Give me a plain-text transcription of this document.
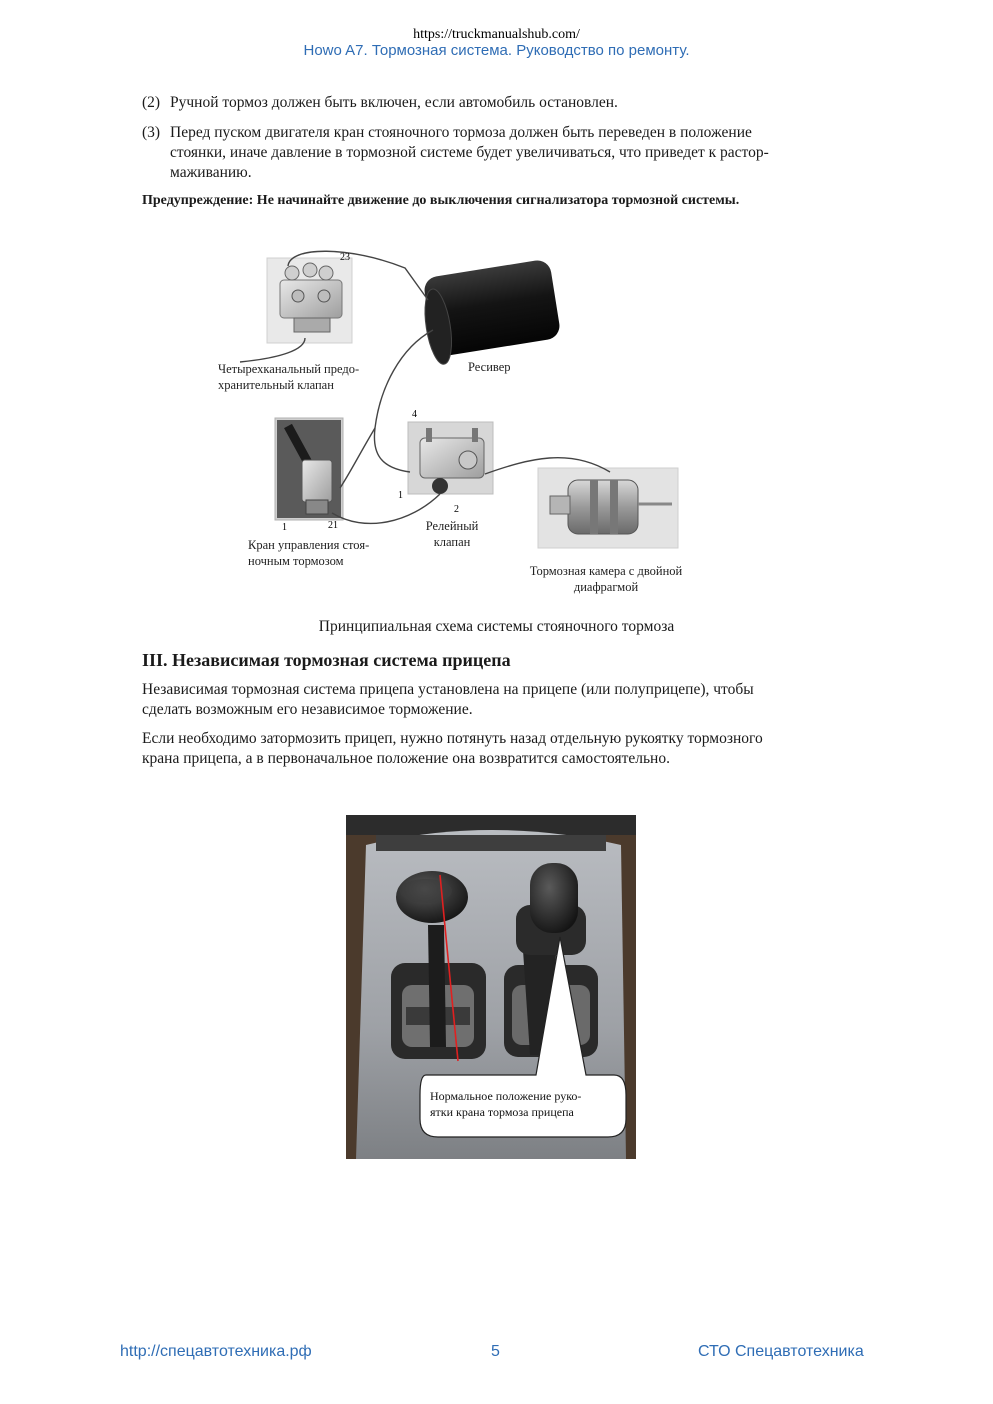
https://truckmanualshub.com/
Howo A7. Тормозная система. Руководство по ремонту.
(2) Ручной тормоз должен быть включен, если автомобиль остановлен.
(3) Перед пуском двигателя кран стояночного тормоза должен быть переведен в положение
стоянки, иначе давление в тормозной системе будет увеличиваться, что приведет к растор-
маживанию.
Предупреждение: Не начинайте движение до выключения сигнализатора тормозной системы.
23
4
1
2
1	21
Четырехканальный предо-
хранительный клапан
Ресивер
Релейный
клапан
Кран управления стоя-
ночным тормозом
Тормозная камера с двойной
диафрагмой
Принципиальная схема системы стояночного тормоза
III. Независимая тормозная система прицепа
Независимая тормозная система прицепа установлена на прицепе (или полуприцепе), чтобы
сделать возможным его независимое торможение.
Если необходимо затормозить прицеп, нужно потянуть назад отдельную рукоятку тормозного
крана прицепа, а в первоначальное положение она возвратится самостоятельно.
Нормальное положение руко-
ятки крана тормоза прицепа
http://спецавтотехника.рф	5	СТО Спецавтотехника
